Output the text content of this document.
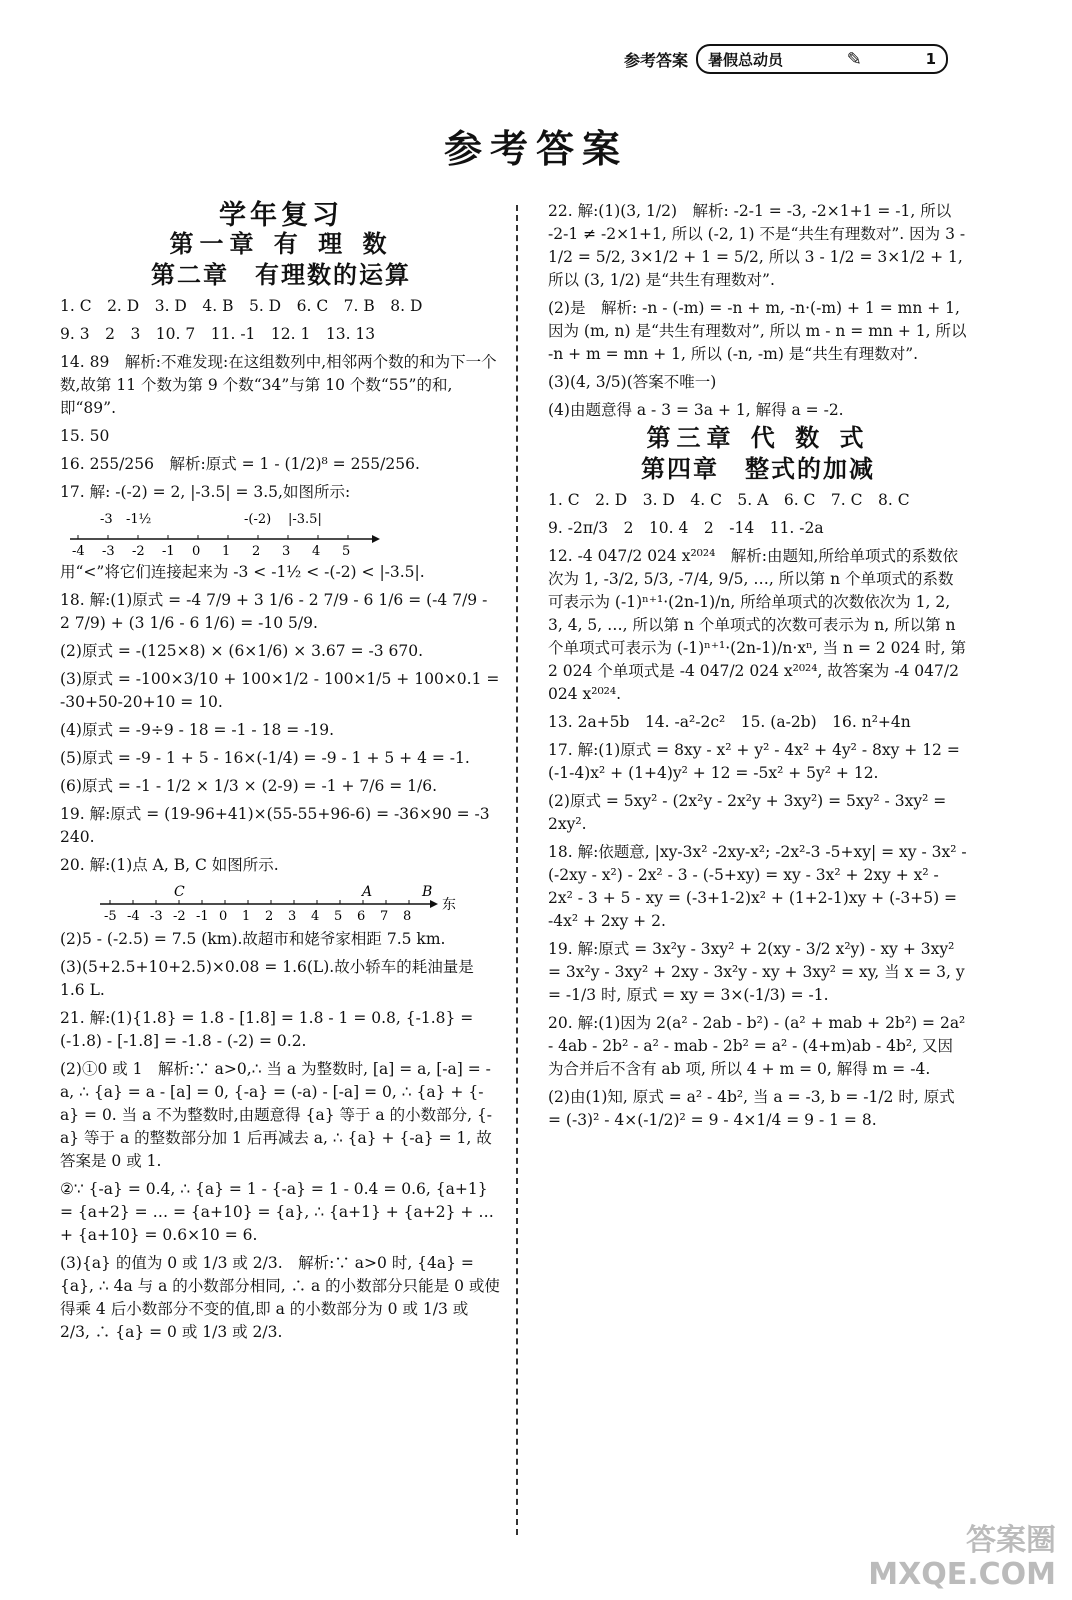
参考答案 暑假总动员	✎	1
参考答案
学年复习
第一章 有 理 数
第二章　有理数的运算
1. C　2. D　3. D　4. B　5. D　6. C　7. B　8. D
9. 3　2　3　10. 7　11. -1　12. 1　13. 13
14. 89　解析:不难发现:在这组数列中,相邻两个数的和为下一个数,故第 11 个数为第 9 个数“34”与第 10 个数“55”的和,即“89”.
15. 50
16. 255/256　解析:原式 = 1 - (1/2)⁸ = 255/256.
17. 解: -(-2) = 2, |-3.5| = 3.5,如图所示:
-4 -3 -2 -1 0 1 2 3 4 5
-3 -1½	-(-2) |-3.5|
用“<”将它们连接起来为 -3 < -1½ < -(-2) < |-3.5|.
18. 解:(1)原式 = -4 7/9 + 3 1/6 - 2 7/9 - 6 1/6 = (-4 7/9 - 2 7/9) + (3 1/6 - 6 1/6) = -10 5/9.
(2)原式 = -(125×8) × (6×1/6) × 3.67 = -3 670.
(3)原式 = -100×3/10 + 100×1/2 - 100×1/5 + 100×0.1 = -30+50-20+10 = 10.
(4)原式 = -9÷9 - 18 = -1 - 18 = -19.
(5)原式 = -9 - 1 + 5 - 16×(-1/4) = -9 - 1 + 5 + 4 = -1.
(6)原式 = -1 - 1/2 × 1/3 × (2-9) = -1 + 7/6 = 1/6.
19. 解:原式 = (19-96+41)×(55-55+96-6) = -36×90 = -3 240.
20. 解:(1)点 A, B, C 如图所示.
-5 -4 -3 -2 -1 0 1 2 3 4 5 6 7 8
C	A	B
东
(2)5 - (-2.5) = 7.5 (km).故超市和姥爷家相距 7.5 km.
(3)(5+2.5+10+2.5)×0.08 = 1.6(L).故小轿车的耗油量是 1.6 L.
21. 解:(1){1.8} = 1.8 - [1.8] = 1.8 - 1 = 0.8, {-1.8} = (-1.8) - [-1.8] = -1.8 - (-2) = 0.2.
(2)①0 或 1　解析:∵ a>0,∴ 当 a 为整数时, [a] = a, [-a] = -a, ∴ {a} = a - [a] = 0, {-a} = (-a) - [-a] = 0, ∴ {a} + {-a} = 0. 当 a 不为整数时,由题意得 {a} 等于 a 的小数部分, {-a} 等于 a 的整数部分加 1 后再减去 a, ∴ {a} + {-a} = 1, 故答案是 0 或 1.
②∵ {-a} = 0.4, ∴ {a} = 1 - {-a} = 1 - 0.4 = 0.6, {a+1} = {a+2} = … = {a+10} = {a}, ∴ {a+1} + {a+2} + … + {a+10} = 0.6×10 = 6.
(3){a} 的值为 0 或 1/3 或 2/3.　解析:∵ a>0 时, {4a} = {a}, ∴ 4a 与 a 的小数部分相同, ∴ a 的小数部分只能是 0 或使得乘 4 后小数部分不变的值,即 a 的小数部分为 0 或 1/3 或 2/3, ∴ {a} = 0 或 1/3 或 2/3.
22. 解:(1)(3, 1/2)　解析: -2-1 = -3, -2×1+1 = -1, 所以 -2-1 ≠ -2×1+1, 所以 (-2, 1) 不是“共生有理数对”. 因为 3 - 1/2 = 5/2, 3×1/2 + 1 = 5/2, 所以 3 - 1/2 = 3×1/2 + 1, 所以 (3, 1/2) 是“共生有理数对”.
(2)是　解析: -n - (-m) = -n + m, -n·(-m) + 1 = mn + 1, 因为 (m, n) 是“共生有理数对”, 所以 m - n = mn + 1, 所以 -n + m = mn + 1, 所以 (-n, -m) 是“共生有理数对”.
(3)(4, 3/5)(答案不唯一)
(4)由题意得 a - 3 = 3a + 1, 解得 a = -2.
第三章 代 数 式
第四章　整式的加减
1. C　2. D　3. D　4. C　5. A　6. C　7. C　8. C
9. -2π/3　2　10. 4　2　-14　11. -2a
12. -4 047/2 024 x²⁰²⁴　解析:由题知,所给单项式的系数依次为 1, -3/2, 5/3, -7/4, 9/5, …, 所以第 n 个单项式的系数可表示为 (-1)ⁿ⁺¹·(2n-1)/n, 所给单项式的次数依次为 1, 2, 3, 4, 5, …, 所以第 n 个单项式的次数可表示为 n, 所以第 n 个单项式可表示为 (-1)ⁿ⁺¹·(2n-1)/n·xⁿ, 当 n = 2 024 时, 第 2 024 个单项式是 -4 047/2 024 x²⁰²⁴, 故答案为 -4 047/2 024 x²⁰²⁴.
13. 2a+5b　14. -a²-2c²　15. (a-2b)　16. n²+4n
17. 解:(1)原式 = 8xy - x² + y² - 4x² + 4y² - 8xy + 12 = (-1-4)x² + (1+4)y² + 12 = -5x² + 5y² + 12.
(2)原式 = 5xy² - (2x²y - 2x²y + 3xy²) = 5xy² - 3xy² = 2xy².
18. 解:依题意, |xy-3x² -2xy-x²; -2x²-3 -5+xy| = xy - 3x² - (-2xy - x²) - 2x² - 3 - (-5+xy) = xy - 3x² + 2xy + x² - 2x² - 3 + 5 - xy = (-3+1-2)x² + (1+2-1)xy + (-3+5) = -4x² + 2xy + 2.
19. 解:原式 = 3x²y - 3xy² + 2(xy - 3/2 x²y) - xy + 3xy² = 3x²y - 3xy² + 2xy - 3x²y - xy + 3xy² = xy, 当 x = 3, y = -1/3 时, 原式 = xy = 3×(-1/3) = -1.
20. 解:(1)因为 2(a² - 2ab - b²) - (a² + mab + 2b²) = 2a² - 4ab - 2b² - a² - mab - 2b² = a² - (4+m)ab - 4b², 又因为合并后不含有 ab 项, 所以 4 + m = 0, 解得 m = -4.
(2)由(1)知, 原式 = a² - 4b², 当 a = -3, b = -1/2 时, 原式 = (-3)² - 4×(-1/2)² = 9 - 4×1/4 = 9 - 1 = 8.
答案圈
MXQE.COM
